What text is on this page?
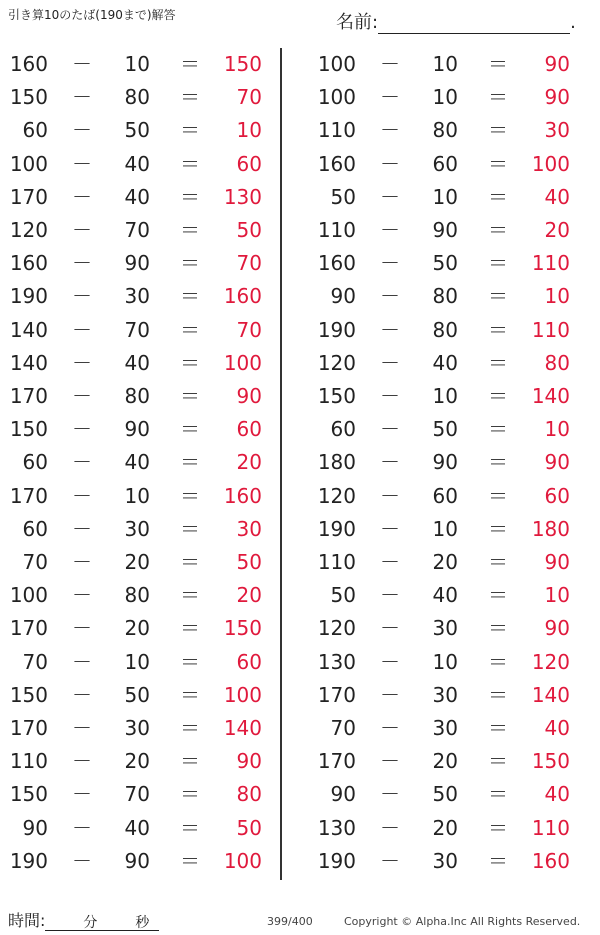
引き算10のたば(190まで)解答	名前:	.
160 － 10 ＝ 150	100 － 10 ＝ 90
150 － 80 ＝ 70	100 － 10 ＝ 90
60 － 50 ＝ 10	110 － 80 ＝ 30
100 － 40 ＝ 60	160 － 60 ＝ 100
170 － 40 ＝ 130	50 － 10 ＝ 40
120 － 70 ＝ 50	110 － 90 ＝ 20
160 － 90 ＝ 70	160 － 50 ＝ 110
190 － 30 ＝ 160	90 － 80 ＝ 10
140 － 70 ＝ 70	190 － 80 ＝ 110
140 － 40 ＝ 100	120 － 40 ＝ 80
170 － 80 ＝ 90	150 － 10 ＝ 140
150 － 90 ＝ 60	60 － 50 ＝ 10
60 － 40 ＝ 20	180 － 90 ＝ 90
170 － 10 ＝ 160	120 － 60 ＝ 60
60 － 30 ＝ 30	190 － 10 ＝ 180
70 － 20 ＝ 50	110 － 20 ＝ 90
100 － 80 ＝ 20	50 － 40 ＝ 10
170 － 20 ＝ 150	120 － 30 ＝ 90
70 － 10 ＝ 60	130 － 10 ＝ 120
150 － 50 ＝ 100	170 － 30 ＝ 140
170 － 30 ＝ 140	70 － 30 ＝ 40
110 － 20 ＝ 90	170 － 20 ＝ 150
150 － 70 ＝ 80	90 － 50 ＝ 40
90 － 40 ＝ 50	130 － 20 ＝ 110
190 － 90 ＝ 100	190 － 30 ＝ 160
時間:	分	秒	399/400	Copyright © Alpha.Inc All Rights Reserved.
